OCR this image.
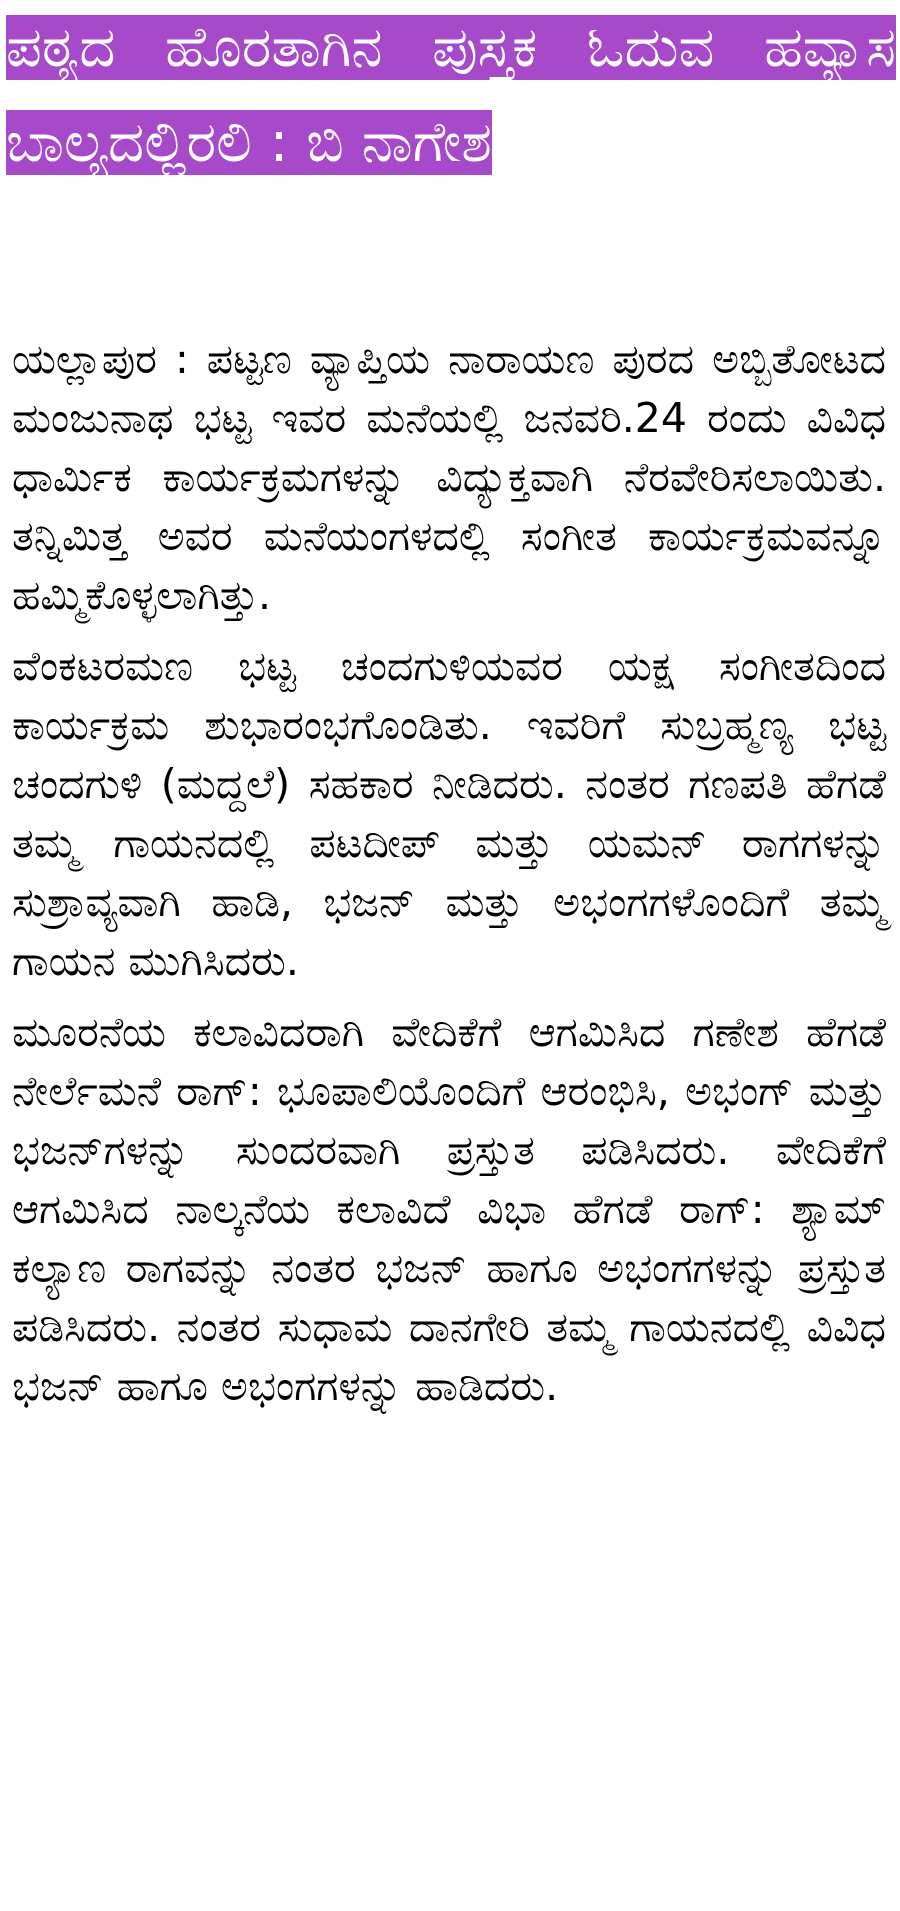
ಪಠ್ಯದ ಹೊರತಾಗಿನ ಪುಸ್ತಕ ಓದುವ ಹವ್ಯಾಸ ಬಾಲ್ಯದಲ್ಲಿರಲಿ : ಬಿ ನಾಗೇಶ

ಯಲ್ಲಾಪುರ : ಪಟ್ಟಣ ವ್ಯಾಪ್ತಿಯ ನಾರಾಯಣ ಪುರದ ಅಬ್ಬಿತೋಟದ ಮಂಜುನಾಥ ಭಟ್ಟ ಇವರ ಮನೆಯಲ್ಲಿ ಜನವರಿ.24 ರಂದು ವಿವಿಧ ಧಾರ್ಮಿಕ ಕಾರ್ಯಕ್ರಮಗಳನ್ನು ವಿದ್ಯುಕ್ತವಾಗಿ ನೆರವೇರಿಸಲಾಯಿತು. ತನ್ನಿಮಿತ್ತ ಅವರ ಮನೆಯಂಗಳದಲ್ಲಿ ಸಂಗೀತ ಕಾರ್ಯಕ್ರಮವನ್ನೂ ಹಮ್ಮಿಕೊಳ್ಳಲಾಗಿತ್ತು.

ವೆಂಕಟರಮಣ ಭಟ್ಟ ಚಂದಗುಳಿಯವರ ಯಕ್ಷ ಸಂಗೀತದಿಂದ ಕಾರ್ಯಕ್ರಮ ಶುಭಾರಂಭಗೊಂಡಿತು. ಇವರಿಗೆ ಸುಬ್ರಹ್ಮಣ್ಯ ಭಟ್ಟ ಚಂದಗುಳಿ (ಮದ್ದಲೆ) ಸಹಕಾರ ನೀಡಿದರು. ನಂತರ ಗಣಪತಿ ಹೆಗಡೆ ತಮ್ಮ ಗಾಯನದಲ್ಲಿ ಪಟದೀಪ್ ಮತ್ತು ಯಮನ್ ರಾಗಗಳನ್ನು ಸುಶ್ರಾವ್ಯವಾಗಿ ಹಾಡಿ, ಭಜನ್ ಮತ್ತು ಅಭಂಗಗಳೊಂದಿಗೆ ತಮ್ಮ ಗಾಯನ ಮುಗಿಸಿದರು.

ಮೂರನೆಯ ಕಲಾವಿದರಾಗಿ ವೇದಿಕೆಗೆ ಆಗಮಿಸಿದ ಗಣೇಶ ಹೆಗಡೆ ನೇರ್ಲೆಮನೆ ರಾಗ್: ಭೂಪಾಲಿಯೊಂದಿಗೆ ಆರಂಭಿಸಿ, ಅಭಂಗ್ ಮತ್ತು ಭಜನ್‌ಗಳನ್ನು ಸುಂದರವಾಗಿ ಪ್ರಸ್ತುತ ಪಡಿಸಿದರು. ವೇದಿಕೆಗೆ ಆಗಮಿಸಿದ ನಾಲ್ಕನೆಯ ಕಲಾವಿದೆ ವಿಭಾ ಹೆಗಡೆ ರಾಗ್: ಶ್ಯಾಮ್ ಕಲ್ಯಾಣ ರಾಗವನ್ನು ನಂತರ ಭಜನ್ ಹಾಗೂ ಅಭಂಗಗಳನ್ನು ಪ್ರಸ್ತುತ ಪಡಿಸಿದರು. ನಂತರ ಸುಧಾಮ ದಾನಗೇರಿ ತಮ್ಮ ಗಾಯನದಲ್ಲಿ ವಿವಿಧ ಭಜನ್ ಹಾಗೂ ಅಭಂಗಗಳನ್ನು ಹಾಡಿದರು.
